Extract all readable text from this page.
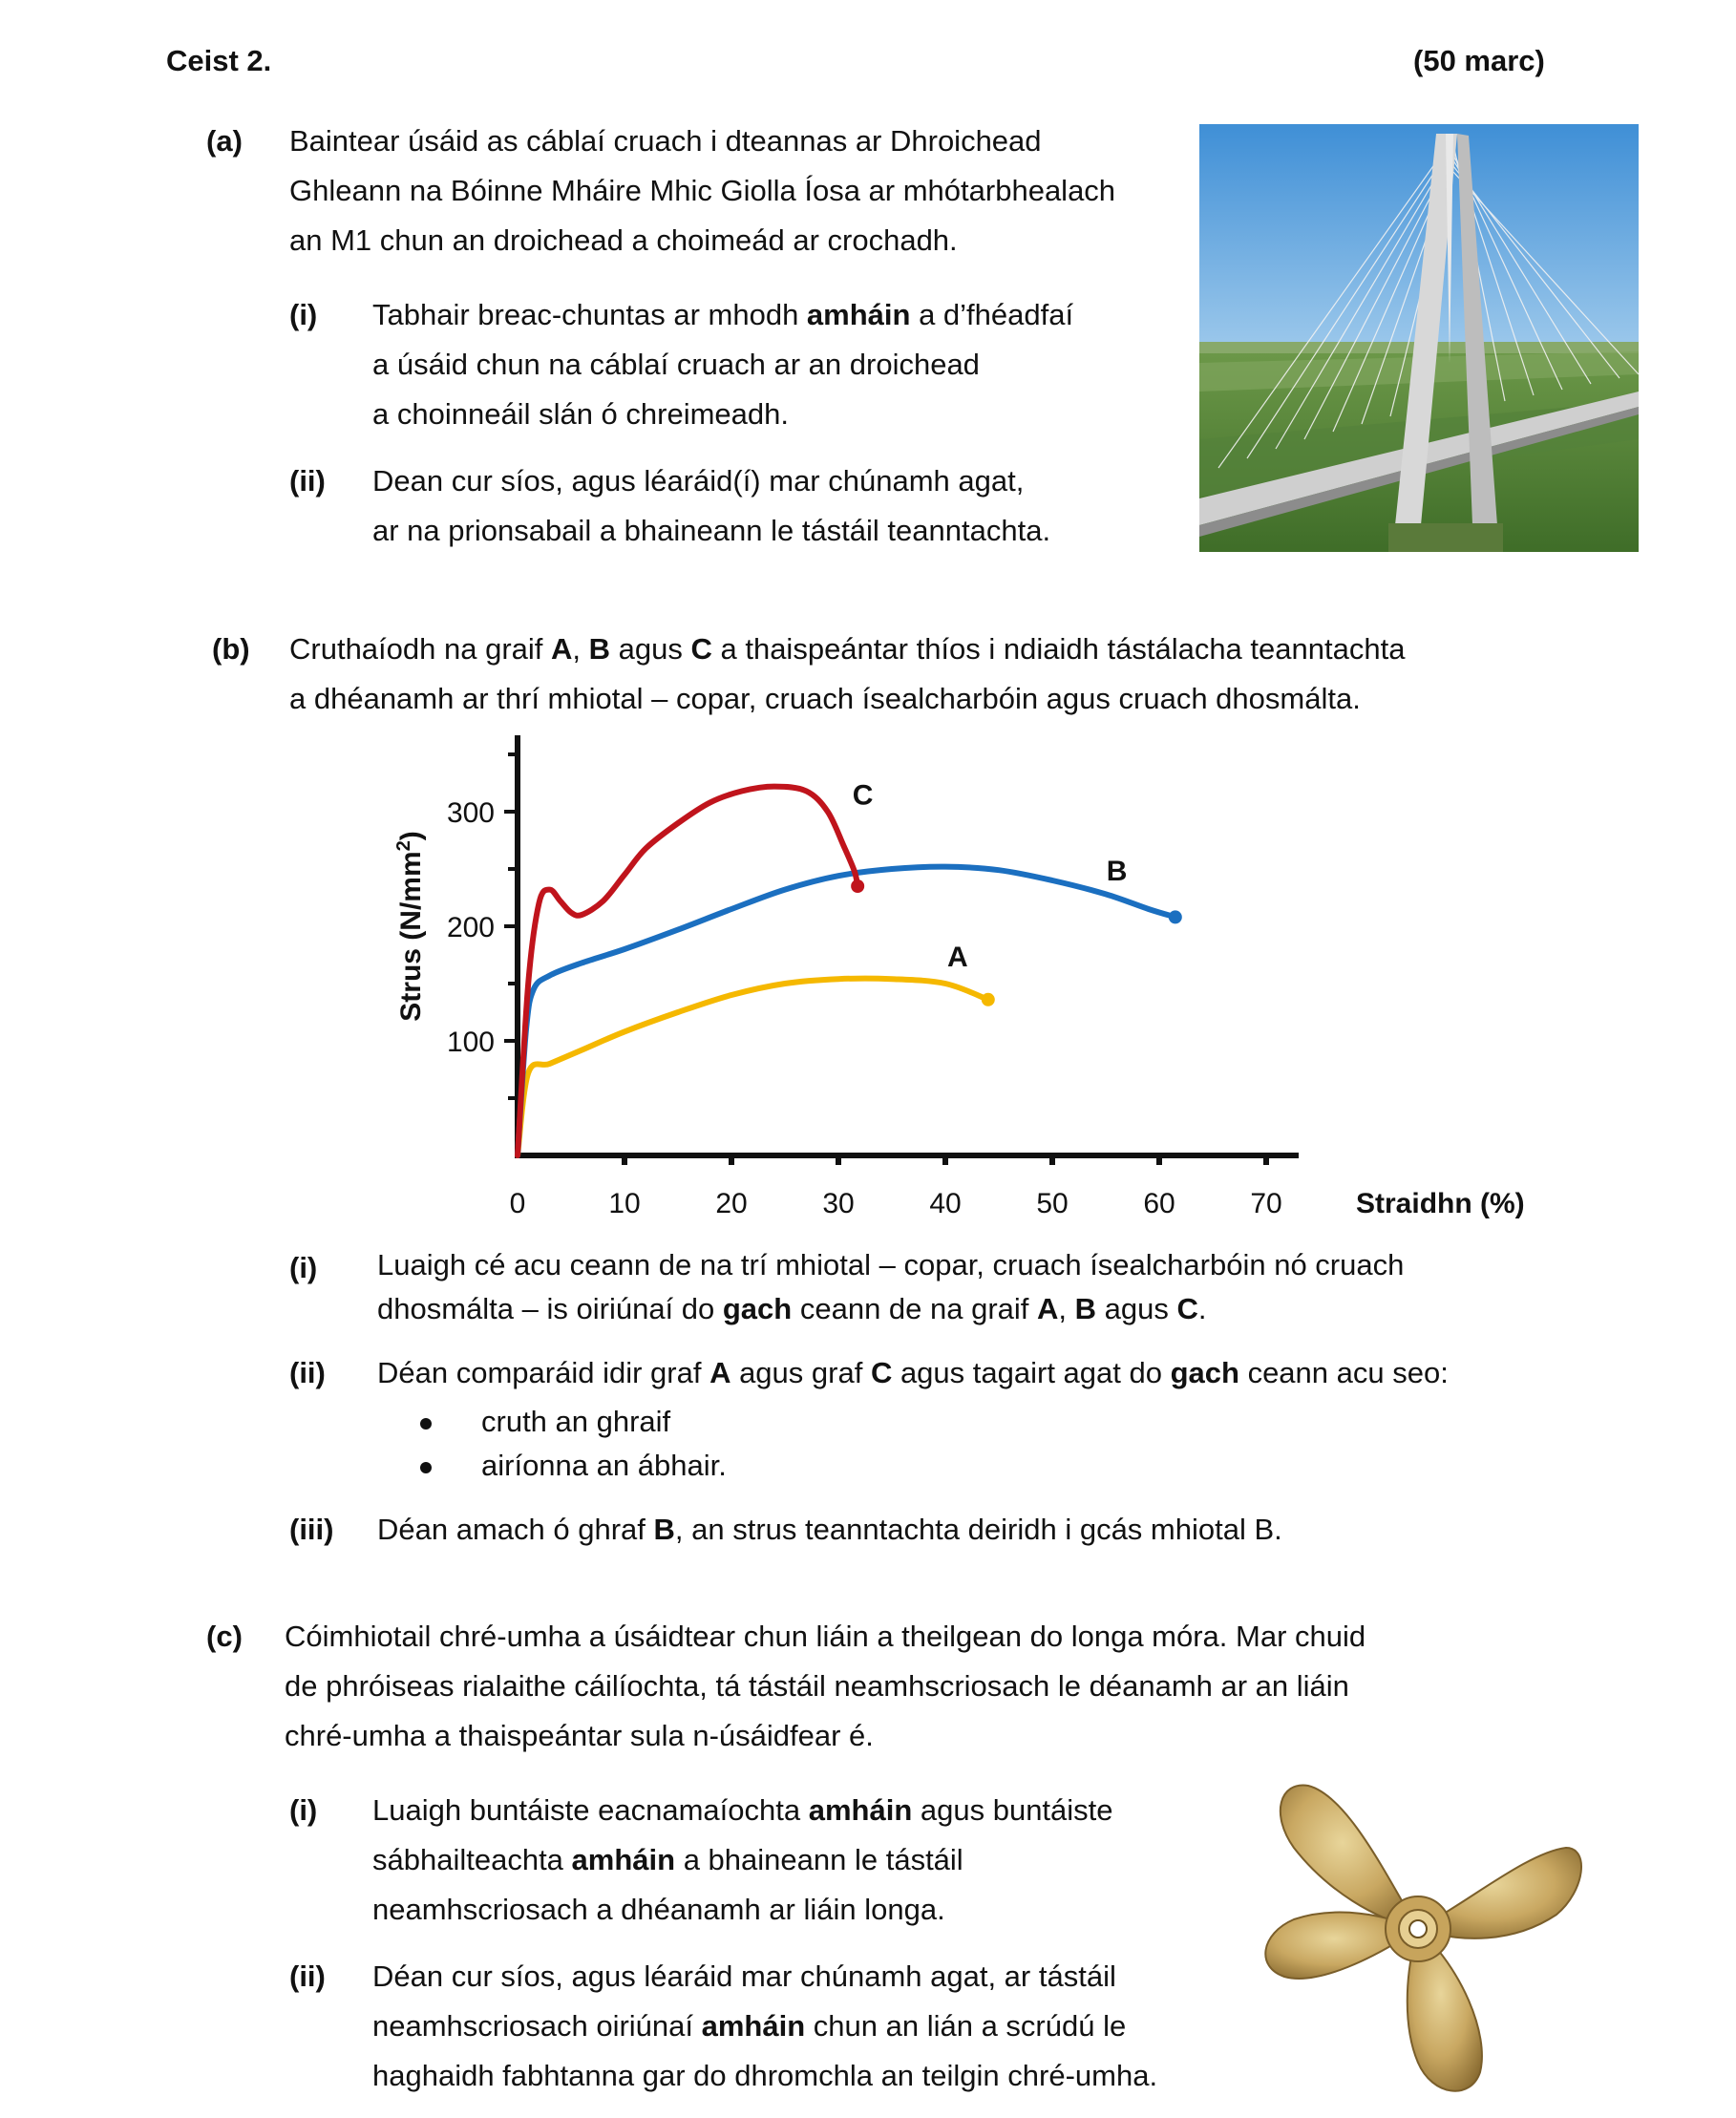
Ceist 2.	(50 marc)
(a) Baintear úsáid as cáblaí cruach i dteannas ar Dhroichead
Ghleann na Bóinne Mháire Mhic Giolla Íosa ar mhótarbhealach
an M1 chun an droichead a choimeád ar crochadh.
(i) Tabhair breac-chuntas ar mhodh amháin a d’fhéadfaí
a úsáid chun na cáblaí cruach ar an droichead
a choinneáil slán ó chreimeadh.
(ii) Dean cur síos, agus léaráid(í) mar chúnamh agat,
ar na prionsabail a bhaineann le tástáil teanntachta.
(b) Cruthaíodh na graif A, B agus C a thaispeántar thíos i ndiaidh tástálacha teanntachta
a dhéanamh ar thrí mhiotal – copar, cruach ísealcharbóin agus cruach dhosmálta.
100
200
300
0	10	20	30	40	50	60	70	Straidhn (%)
Strus $(N/mm^2)$
A
B
C
(i) Luaigh cé acu ceann de na trí mhiotal – copar, cruach ísealcharbóin nó cruach
dhosmálta – is oiriúnaí do gach ceann de na graif A, B agus C.
(ii) Déan comparáid idir graf A agus graf C agus tagairt agat do gach ceann acu seo:
cruth an ghraif
airíonna an ábhair.
(iii) Déan amach ó ghraf B, an strus teanntachta deiridh i gcás mhiotal B.
(c) Cóimhiotail chré-umha a úsáidtear chun liáin a theilgean do longa móra. Mar chuid
de phróiseas rialaithe cáilíochta, tá tástáil neamhscriosach le déanamh ar an liáin
chré-umha a thaispeántar sula n-úsáidfear é.
(i) Luaigh buntáiste eacnamaíochta amháin agus buntáiste
sábhailteachta amháin a bhaineann le tástáil
neamhscriosach a dhéanamh ar liáin longa.
(ii) Déan cur síos, agus léaráid mar chúnamh agat, ar tástáil
neamhscriosach oiriúnaí amháin chun an lián a scrúdú le
haghaidh fabhtanna gar do dhromchla an teilgin chré-umha.
